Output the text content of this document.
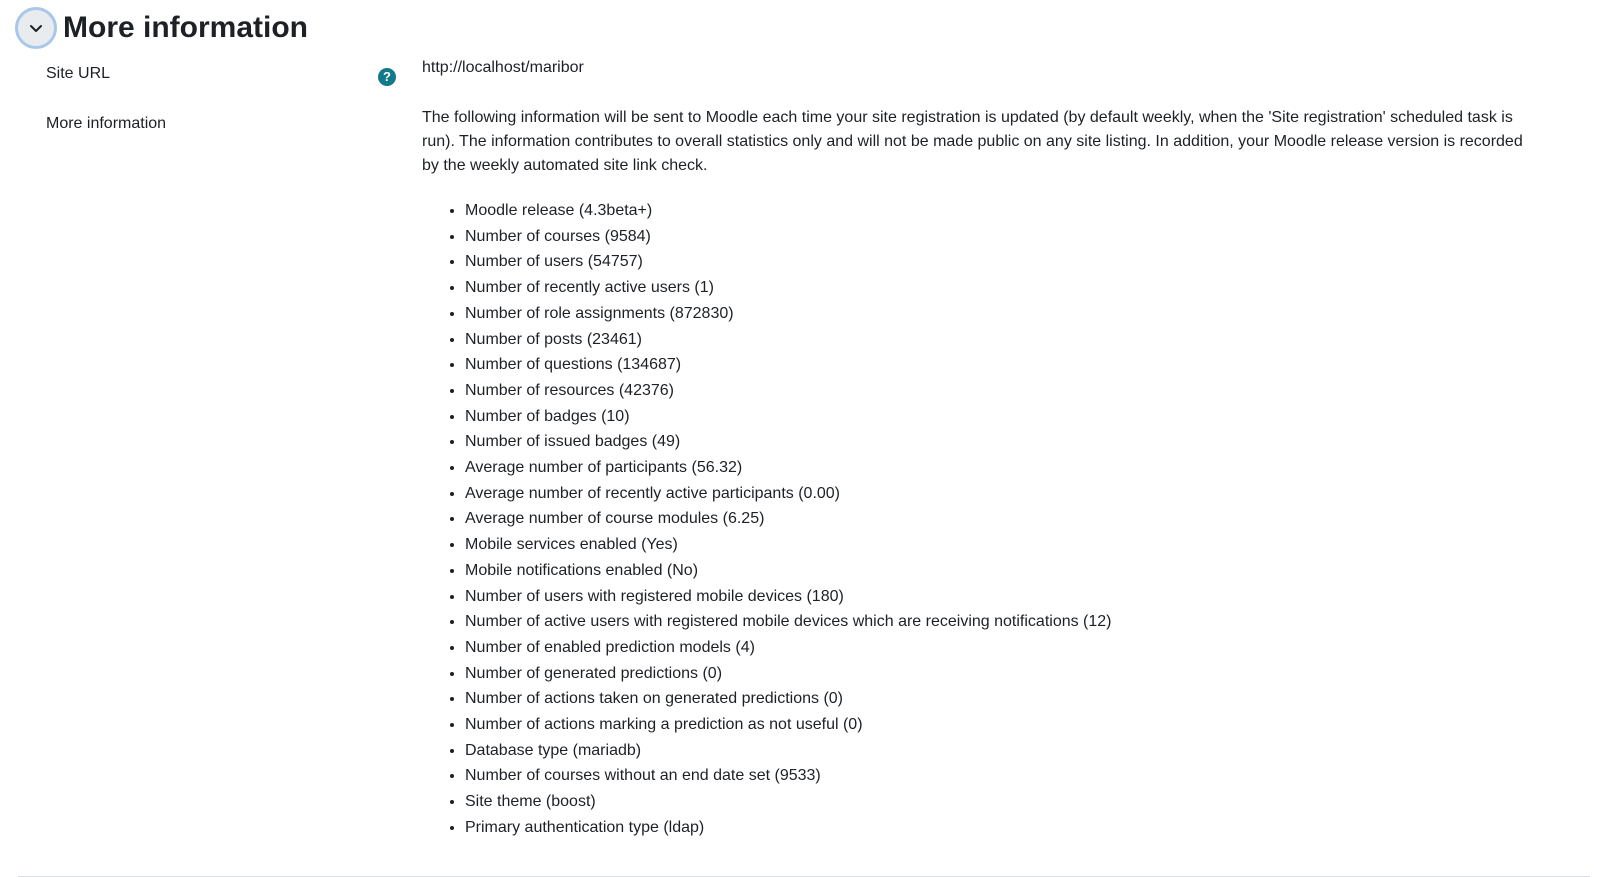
More information
Site URL	?
http://localhost/maribor
More information	The following information will be sent to Moodle each time your site registration is updated (by default weekly, when the 'Site registration' scheduled task is run). The information contributes to overall statistics only and will not be made public on any site listing. In addition, your Moodle release version is recorded by the weekly automated site link check.

• Moodle release (4.3beta+)
• Number of courses (9584)
• Number of users (54757)
• Number of recently active users (1)
• Number of role assignments (872830)
• Number of posts (23461)
• Number of questions (134687)
• Number of resources (42376)
• Number of badges (10)
• Number of issued badges (49)
• Average number of participants (56.32)
• Average number of recently active participants (0.00)
• Average number of course modules (6.25)
• Mobile services enabled (Yes)
• Mobile notifications enabled (No)
• Number of users with registered mobile devices (180)
• Number of active users with registered mobile devices which are receiving notifications (12)
• Number of enabled prediction models (4)
• Number of generated predictions (0)
• Number of actions taken on generated predictions (0)
• Number of actions marking a prediction as not useful (0)
• Database type (mariadb)
• Number of courses without an end date set (9533)
• Site theme (boost)
• Primary authentication type (ldap)
